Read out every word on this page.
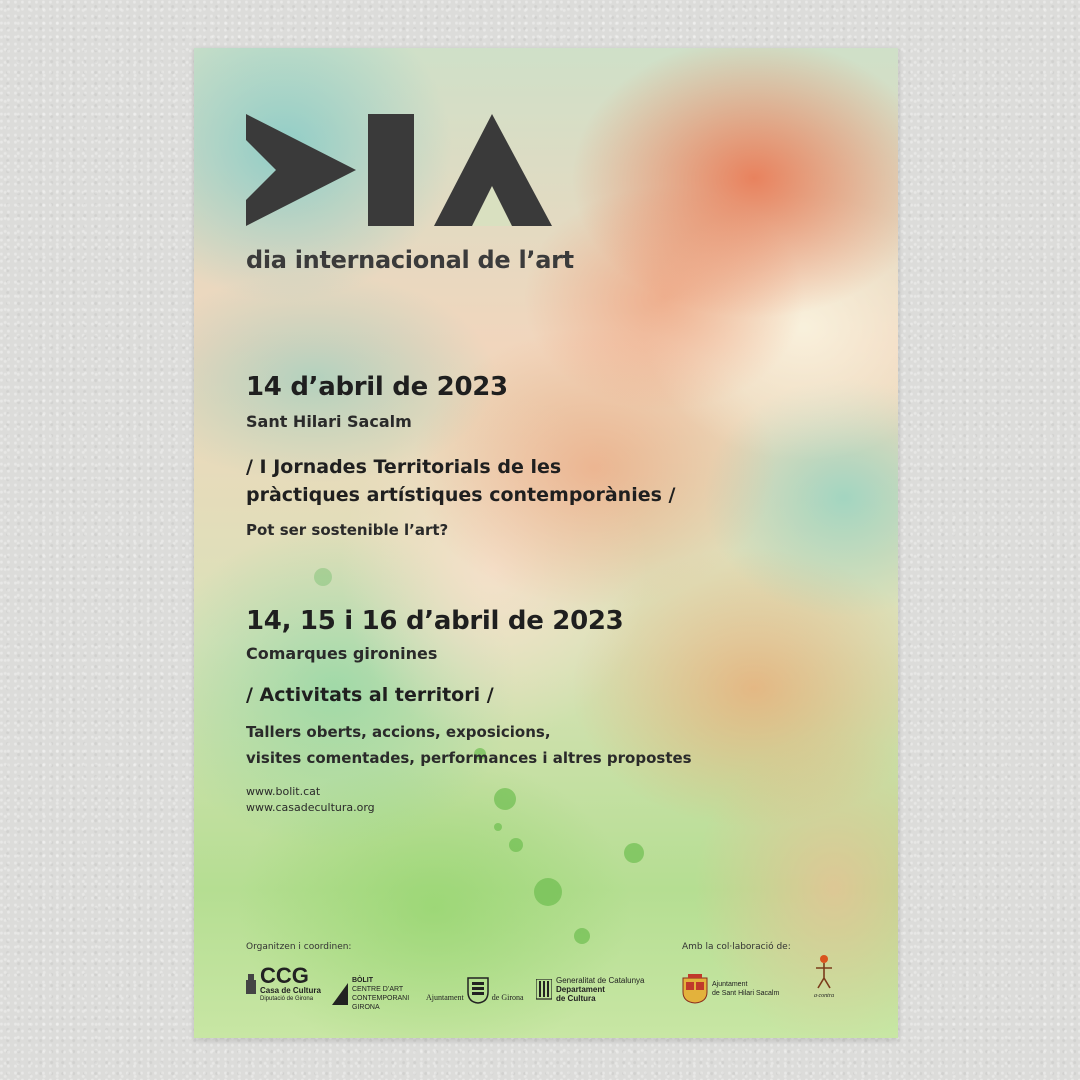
dia internacional de l’art
14 d’abril de 2023
Sant Hilari Sacalm
/ I Jornades Territorials de les
pràctiques artístiques contemporànies /
Pot ser sostenible l’art?
14, 15 i 16 d’abril de 2023
Comarques gironines
/ Activitats al territori /
Tallers oberts, accions, exposicions,
visites comentades, performances i altres propostes
www.bolit.cat
www.casadecultura.org
Organitzen i coordinen:	Amb la col·laboració de:
CCG
Casa de Cultura
Diputació de Girona
BÒLIT
CENTRE D’ART
CONTEMPORANI
GIRONA
Ajuntament	de Girona
Generalitat de Catalunya
Departament
de Cultura
Ajuntament
de Sant Hilari Sacalm	a·contra
